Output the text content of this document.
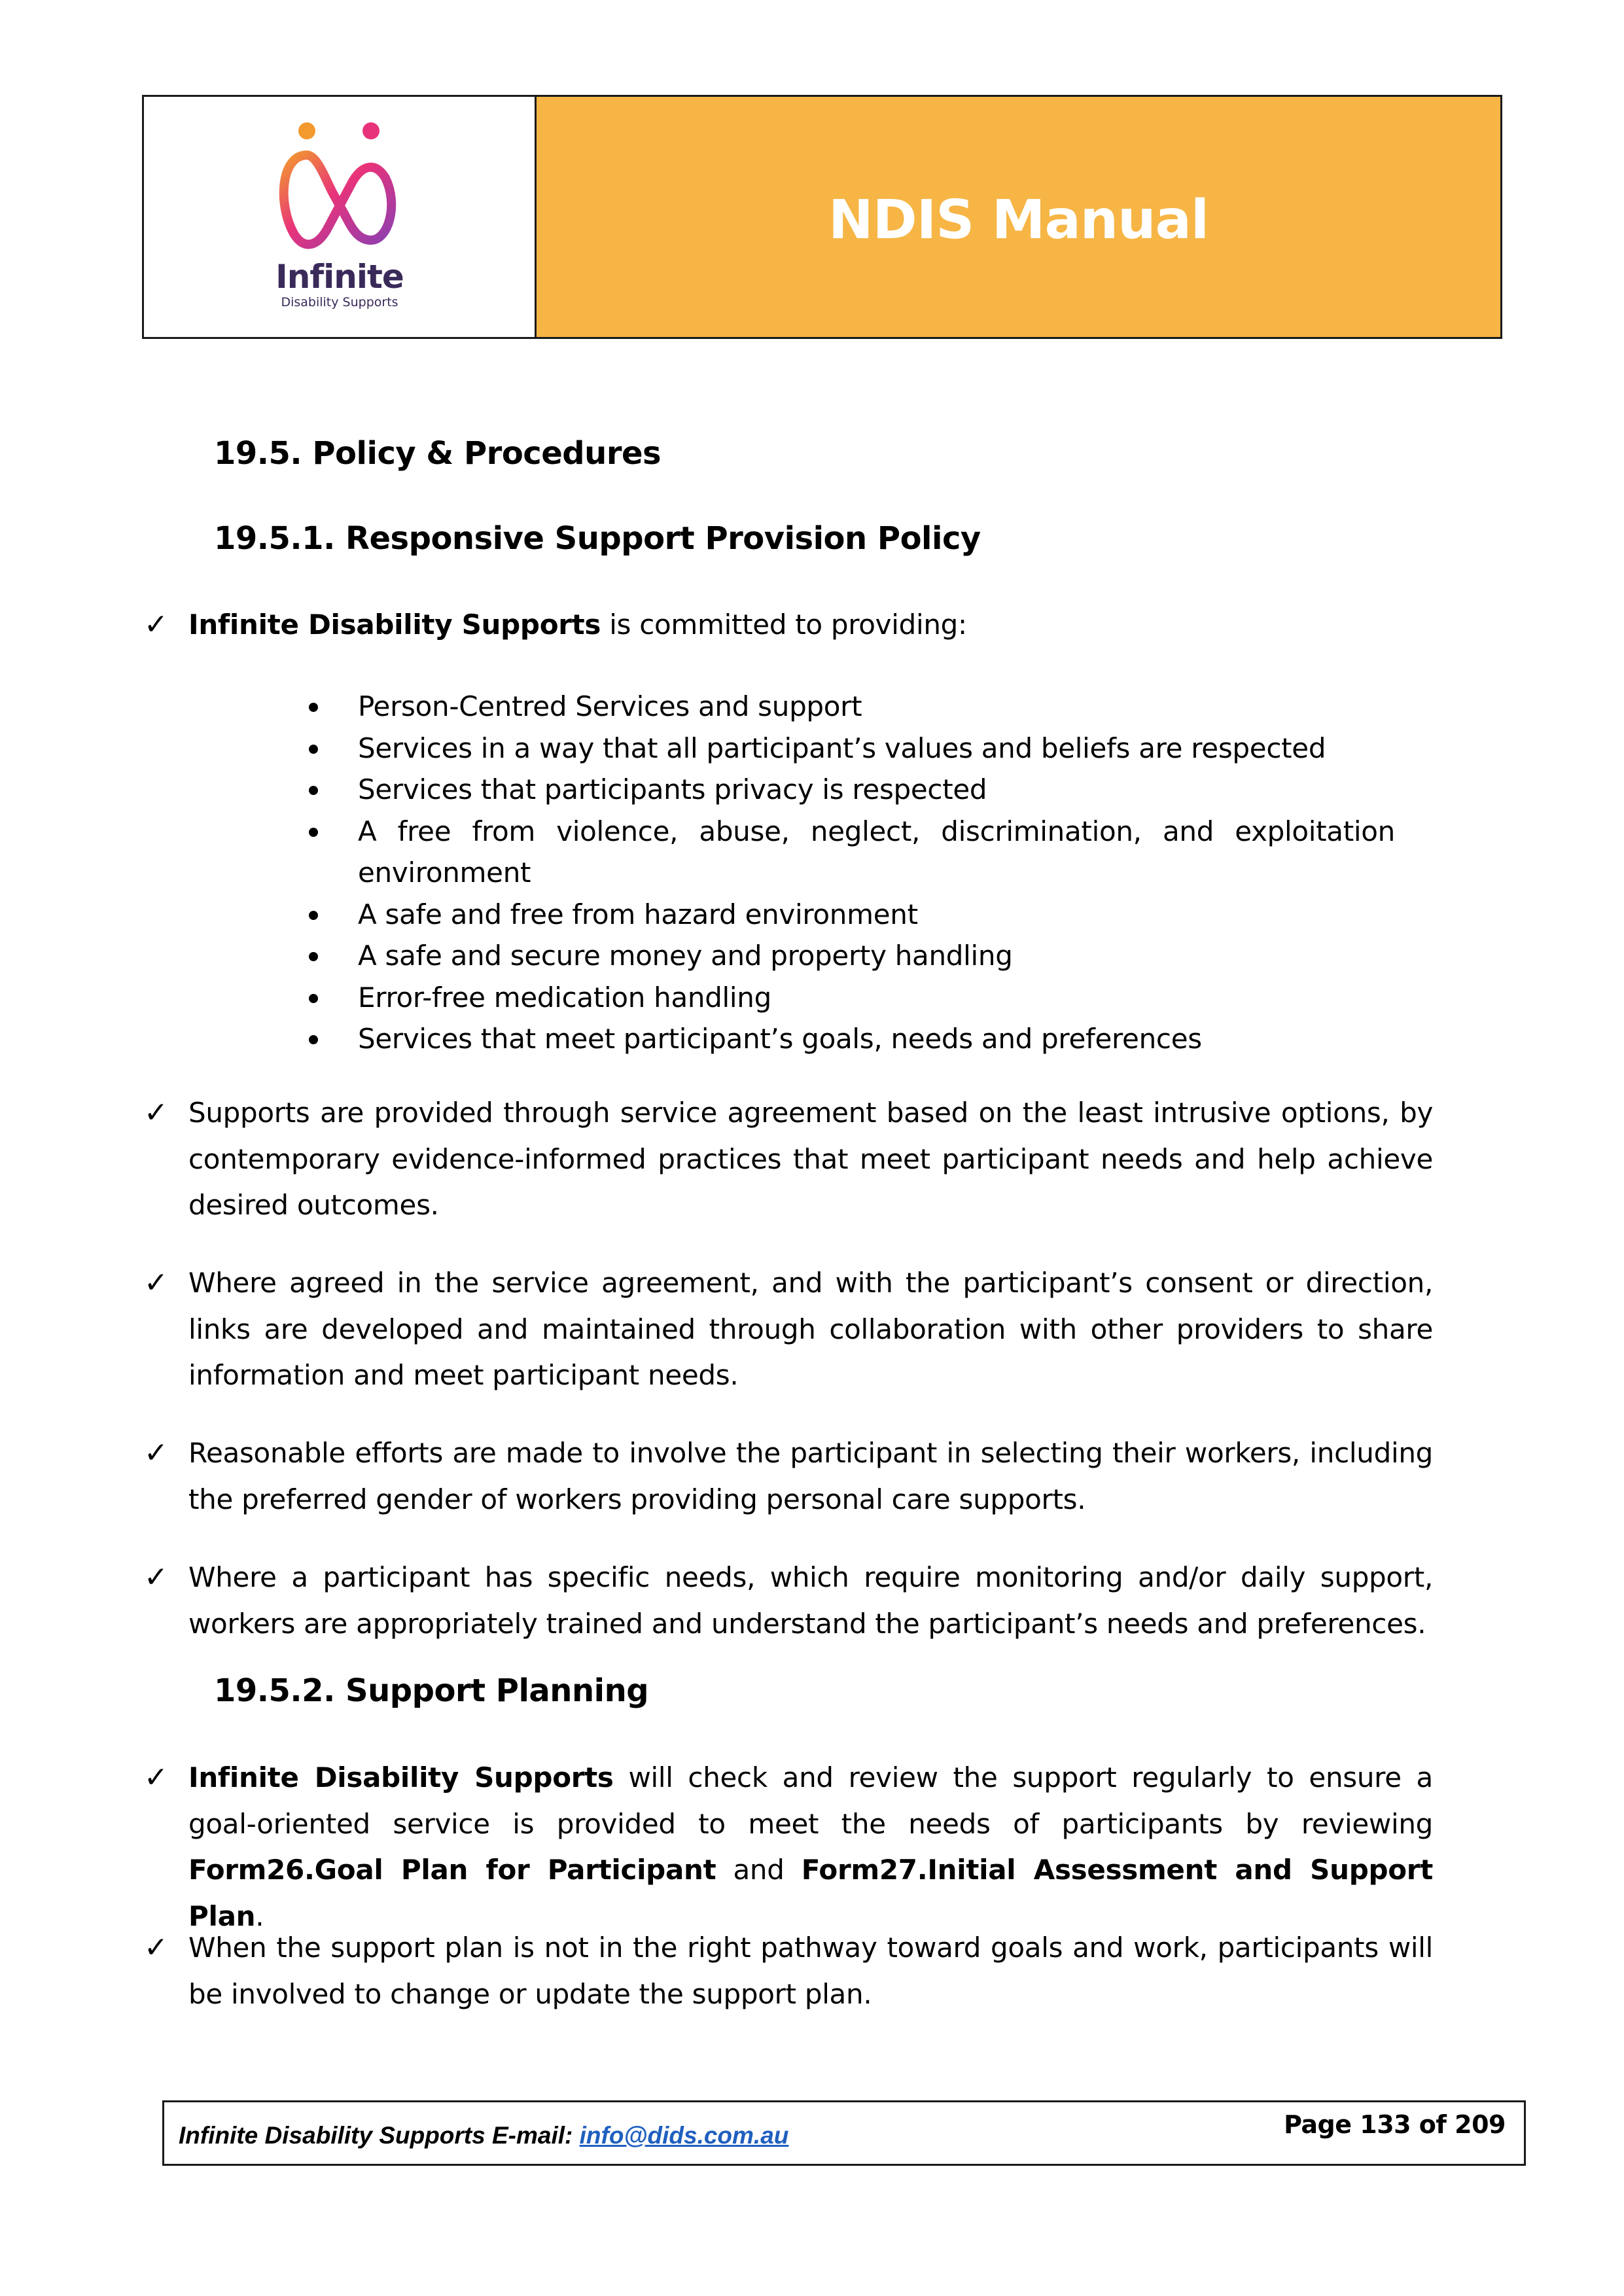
Infinite
Disability Supports
NDIS Manual
19.5. Policy & Procedures
19.5.1. Responsive Support Provision Policy
✓ Infinite Disability Supports is committed to providing:
Person-Centred Services and support
Services in a way that all participant’s values and beliefs are respected
Services that participants privacy is respected
A free from violence, abuse, neglect, discrimination, and exploitation environment
A safe and free from hazard environment
A safe and secure money and property handling
Error-free medication handling
Services that meet participant’s goals, needs and preferences
✓ Supports are provided through service agreement based on the least intrusive options, by contemporary evidence-informed practices that meet participant needs and help achieve desired outcomes.
✓ Where agreed in the service agreement, and with the participant’s consent or direction, links are developed and maintained through collaboration with other providers to share information and meet participant needs.
✓ Reasonable efforts are made to involve the participant in selecting their workers, including the preferred gender of workers providing personal care supports.
✓ Where a participant has specific needs, which require monitoring and/or daily support, workers are appropriately trained and understand the participant’s needs and preferences.
19.5.2. Support Planning
✓ Infinite Disability Supports will check and review the support regularly to ensure a goal-oriented service is provided to meet the needs of participants by reviewing Form26.Goal Plan for Participant and Form27.Initial Assessment and Support Plan.
✓ When the support plan is not in the right pathway toward goals and work, participants will be involved to change or update the support plan.
Infinite Disability Supports E-mail: info@dids.com.au	Page 133 of 209
